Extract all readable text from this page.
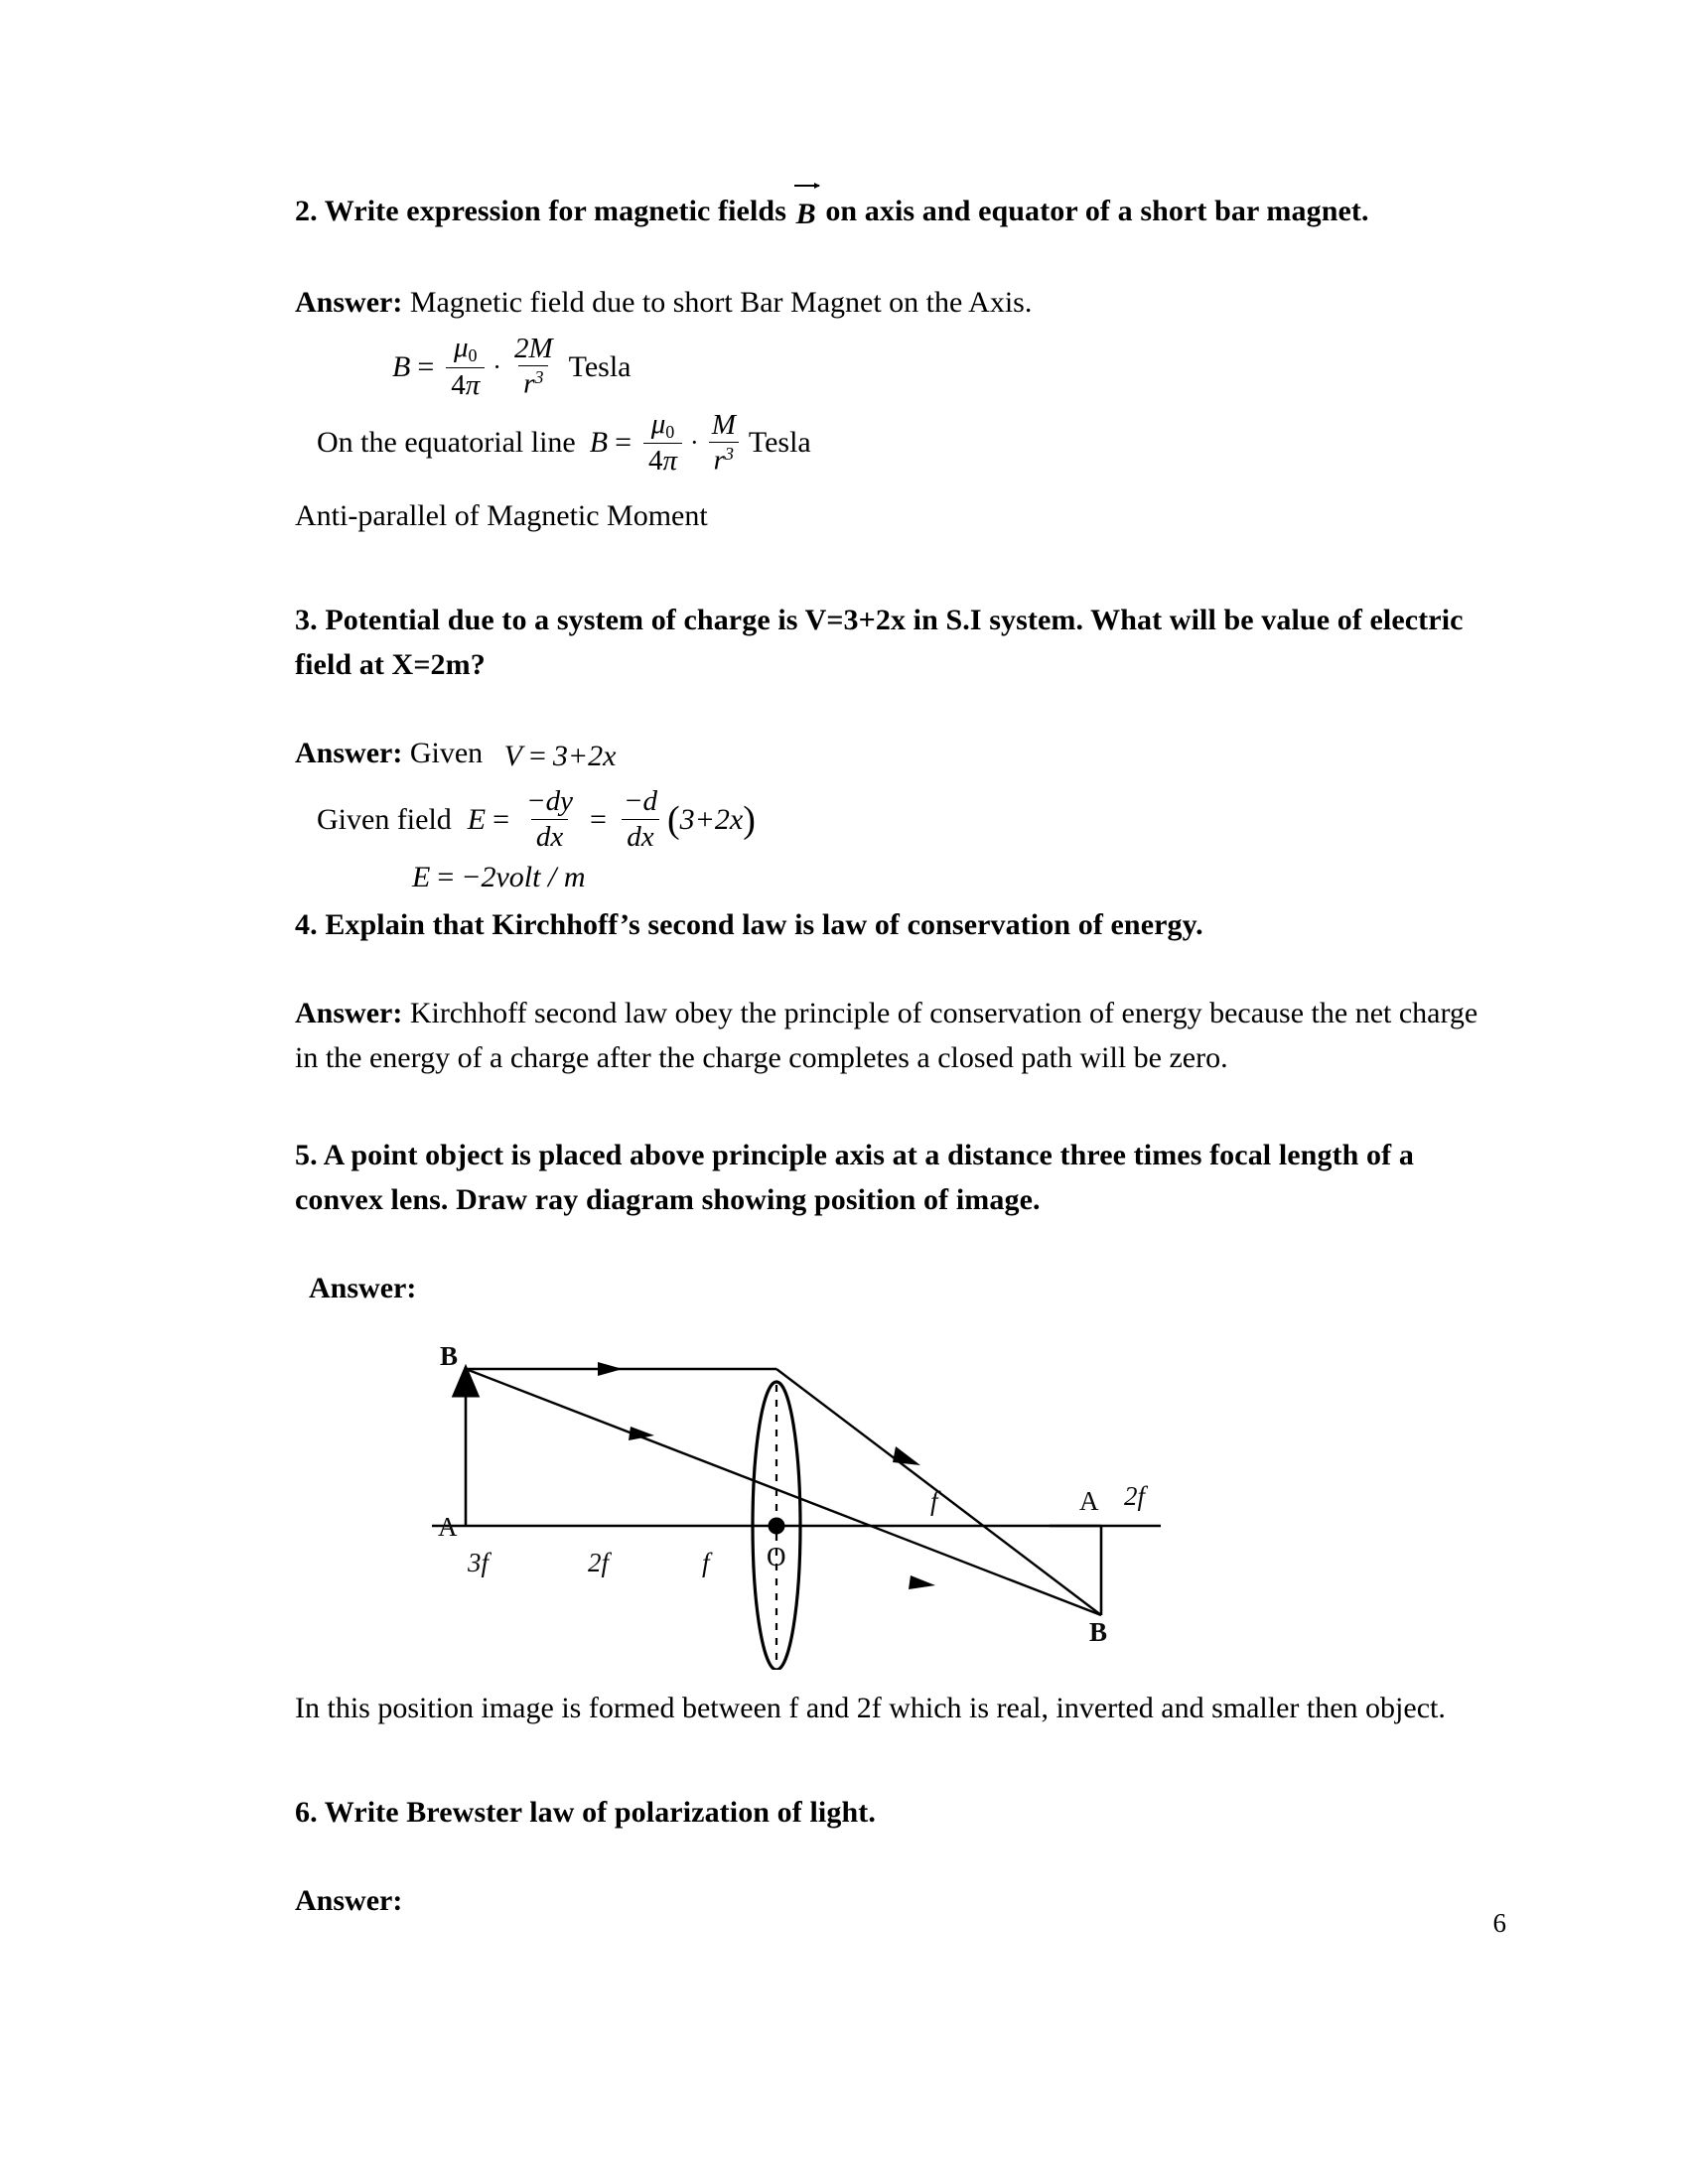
2. Write expression for magnetic fields B on axis and equator of a short bar magnet.

Answer: Magnetic field due to short Bar Magnet on the Axis.

$B = \frac{\mu_0}{4\pi} \cdot \frac{2M}{r^3}$ Tesla
On the equatorial line $B = \frac{\mu_0}{4\pi} \cdot \frac{M}{r^3}$ Tesla

Anti-parallel of Magnetic Moment

3. Potential due to a system of charge is V=3+2x in S.I system. What will be value of electric field at X=2m?

Answer: Given V = 3+2x

Given field $E = \frac{-dy}{dx} = \frac{-d}{dx}$ ( 3+2x )
E = −2volt / m

4. Explain that Kirchhoff’s second law is law of conservation of energy.

Answer: Kirchhoff second law obey the principle of conservation of energy because the net charge in the energy of a charge after the charge completes a closed path will be zero.

5. A point object is placed above principle axis at a distance three times focal length of a convex lens. Draw ray diagram showing position of image.

Answer:

B
A
3f	2f	f O
f	A 2f
B

In this position image is formed between f and 2f which is real, inverted and smaller then object.

6. Write Brewster law of polarization of light.

Answer:

6
